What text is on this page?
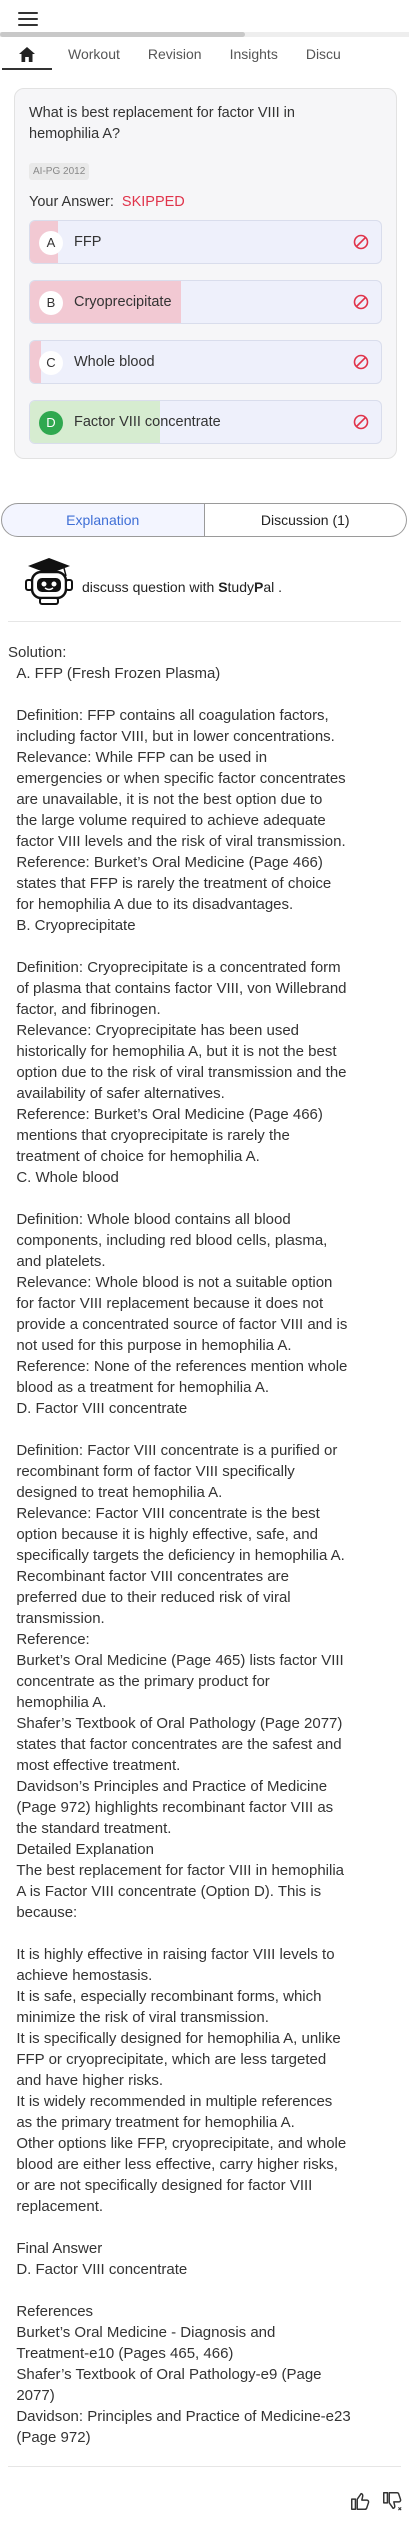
Workout	Revision	Insights	Discu
What is best replacement for factor VIII in hemophilia A?
AI-PG 2012
Your Answer: SKIPPED
A	FFP
B	Cryoprecipitate
C	Whole blood
D	Factor VIII concentrate
Explanation	Discussion (1)
discuss question with StudyPal .
Solution:
A. FFP (Fresh Frozen Plasma)

Definition: FFP contains all coagulation factors,
including factor VIII, but in lower concentrations.
Relevance: While FFP can be used in
emergencies or when specific factor concentrates
are unavailable, it is not the best option due to
the large volume required to achieve adequate
factor VIII levels and the risk of viral transmission.
Reference: Burket’s Oral Medicine (Page 466)
states that FFP is rarely the treatment of choice
for hemophilia A due to its disadvantages.
B. Cryoprecipitate

Definition: Cryoprecipitate is a concentrated form
of plasma that contains factor VIII, von Willebrand
factor, and fibrinogen.
Relevance: Cryoprecipitate has been used
historically for hemophilia A, but it is not the best
option due to the risk of viral transmission and the
availability of safer alternatives.
Reference: Burket’s Oral Medicine (Page 466)
mentions that cryoprecipitate is rarely the
treatment of choice for hemophilia A.
C. Whole blood

Definition: Whole blood contains all blood
components, including red blood cells, plasma,
and platelets.
Relevance: Whole blood is not a suitable option
for factor VIII replacement because it does not
provide a concentrated source of factor VIII and is
not used for this purpose in hemophilia A.
Reference: None of the references mention whole
blood as a treatment for hemophilia A.
D. Factor VIII concentrate

Definition: Factor VIII concentrate is a purified or
recombinant form of factor VIII specifically
designed to treat hemophilia A.
Relevance: Factor VIII concentrate is the best
option because it is highly effective, safe, and
specifically targets the deficiency in hemophilia A.
Recombinant factor VIII concentrates are
preferred due to their reduced risk of viral
transmission.
Reference:
Burket’s Oral Medicine (Page 465) lists factor VIII
concentrate as the primary product for
hemophilia A.
Shafer’s Textbook of Oral Pathology (Page 2077)
states that factor concentrates are the safest and
most effective treatment.
Davidson’s Principles and Practice of Medicine
(Page 972) highlights recombinant factor VIII as
the standard treatment.
Detailed Explanation
The best replacement for factor VIII in hemophilia
A is Factor VIII concentrate (Option D). This is
because:

It is highly effective in raising factor VIII levels to
achieve hemostasis.
It is safe, especially recombinant forms, which
minimize the risk of viral transmission.
It is specifically designed for hemophilia A, unlike
FFP or cryoprecipitate, which are less targeted
and have higher risks.
It is widely recommended in multiple references
as the primary treatment for hemophilia A.
Other options like FFP, cryoprecipitate, and whole
blood are either less effective, carry higher risks,
or are not specifically designed for factor VIII
replacement.

Final Answer
D. Factor VIII concentrate

References
Burket’s Oral Medicine - Diagnosis and
Treatment-e10 (Pages 465, 466)
Shafer’s Textbook of Oral Pathology-e9 (Page
2077)
Davidson: Principles and Practice of Medicine-e23
(Page 972)
